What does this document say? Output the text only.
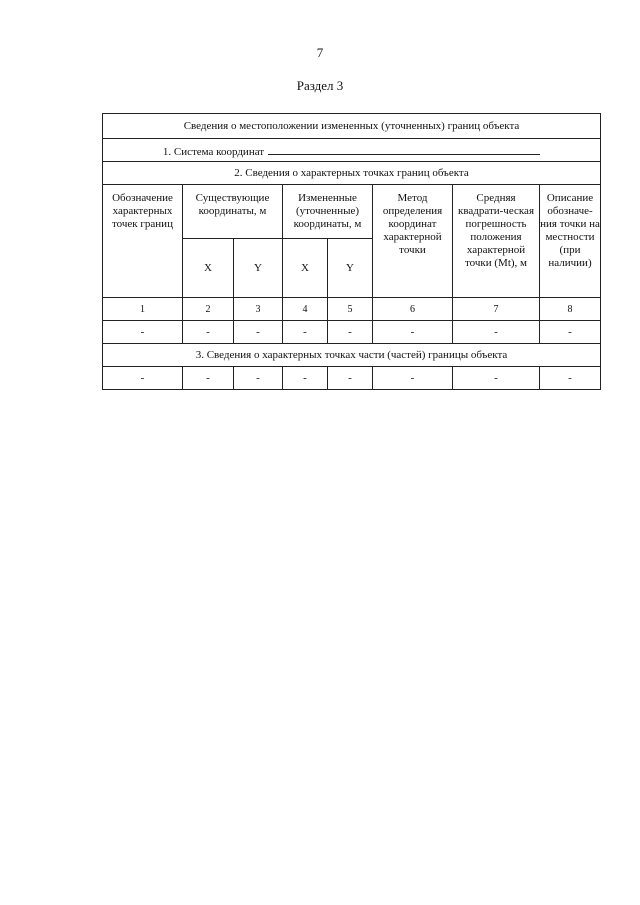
7
Раздел 3
Сведения о местоположении измененных (уточненных) границ объекта							
1. Система координат							
2. Сведения о характерных точках границ объекта							
Обозначение характерных точек границ	Существующие координаты, м		Измененные (уточненные) координаты, м		Метод определения координат характерной точки	Средняя квадрати-ческая погрешность положения характерной точки (Mt), м	Описание обозначе-ния точки на местности (при наличии)
	X	Y	X	Y			
1	2	3	4	5	6	7	8
-	-	-	-	-	-	-	-
3. Сведения о характерных точках части (частей) границы объекта							
-	-	-	-	-	-	-	-
